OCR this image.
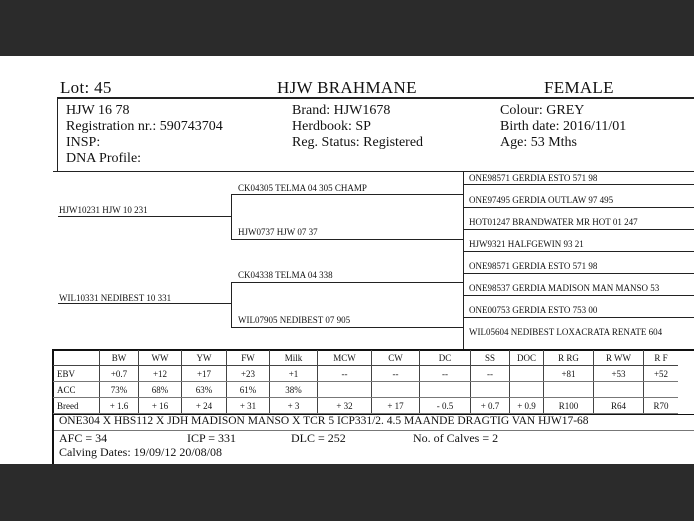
Lot: 45	HJW BRAHMANE	FEMALE
HJW 16 78
Registration nr.: 590743704
INSP:
DNA Profile:
Brand: HJW1678
Herdbook: SP
Reg. Status: Registered
Colour: GREY
Birth date: 2016/11/01
Age: 53 Mths
HJW10231 HJW 10 231
WIL10331 NEDIBEST 10 331
CK04305 TELMA 04 305 CHAMP
HJW0737 HJW 07 37
CK04338 TELMA 04 338
WIL07905 NEDIBEST 07 905
ONE98571 GERDIA ESTO 571 98
ONE97495 GERDIA OUTLAW 97 495
HOT01247 BRANDWATER MR HOT 01 247
HJW9321 HALFGEWIN 93 21
ONE98571 GERDIA ESTO 571 98
ONE98537 GERDIA MADISON MAN MANSO 53
ONE00753 GERDIA ESTO 753 00
WIL05604 NEDIBEST LOXACRATA RENATE 604
	BW	WW	YW	FW	Milk	MCW	CW	DC	SS	DOC	R RG	R WW	R F
EBV	+0.7	+12	+17	+23	+1	--	--	--	--		+81	+53	+52
ACC	73%	68%	63%	61%	38%								
Breed	+ 1.6	+ 16	+ 24	+ 31	+ 3	+ 32	+ 17	- 0.5	+ 0.7	+ 0.9	R100	R64	R70
ONE304 X HBS112 X JDH MADISON MANSO X TCR 5 ICP331/2. 4.5 MAANDE DRAGTIG VAN HJW17-68
AFC = 34	ICP = 331	DLC = 252	No. of Calves = 2
Calving Dates: 19/09/12 20/08/08
